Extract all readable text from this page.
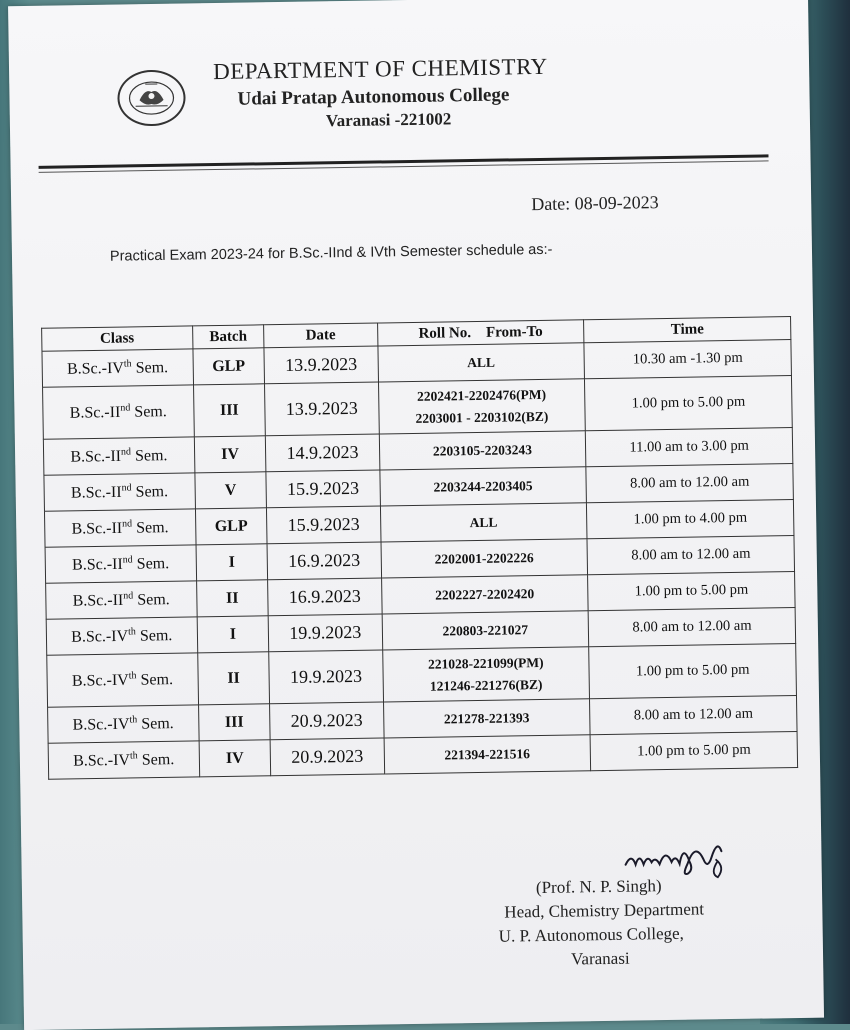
DEPARTMENT OF CHEMISTRY
Udai Pratap Autonomous College
Varanasi -221002
Date: 08-09-2023
Practical Exam 2023-24 for B.Sc.-IInd & IVth Semester schedule as:-
Class	Batch	Date	Roll No.    From-To	Time
B.Sc.-IVth Sem.	GLP	13.9.2023	ALL	10.30 am -1.30 pm
B.Sc.-IInd Sem.	III	13.9.2023	2202421-2202476(PM)
2203001 - 2203102(BZ)	1.00 pm to 5.00 pm
B.Sc.-IInd Sem.	IV	14.9.2023	2203105-2203243	11.00 am to 3.00 pm
B.Sc.-IInd Sem.	V	15.9.2023	2203244-2203405	8.00 am to 12.00 am
B.Sc.-IInd Sem.	GLP	15.9.2023	ALL	1.00 pm to 4.00 pm
B.Sc.-IInd Sem.	I	16.9.2023	2202001-2202226	8.00 am to 12.00 am
B.Sc.-IInd Sem.	II	16.9.2023	2202227-2202420	1.00 pm to 5.00 pm
B.Sc.-IVth Sem.	I	19.9.2023	220803-221027	8.00 am to 12.00 am
B.Sc.-IVth Sem.	II	19.9.2023	221028-221099(PM)
121246-221276(BZ)	1.00 pm to 5.00 pm
B.Sc.-IVth Sem.	III	20.9.2023	221278-221393	8.00 am to 12.00 am
B.Sc.-IVth Sem.	IV	20.9.2023	221394-221516	1.00 pm to 5.00 pm
(Prof. N. P. Singh)
Head, Chemistry Department
U. P. Autonomous College,
Varanasi
